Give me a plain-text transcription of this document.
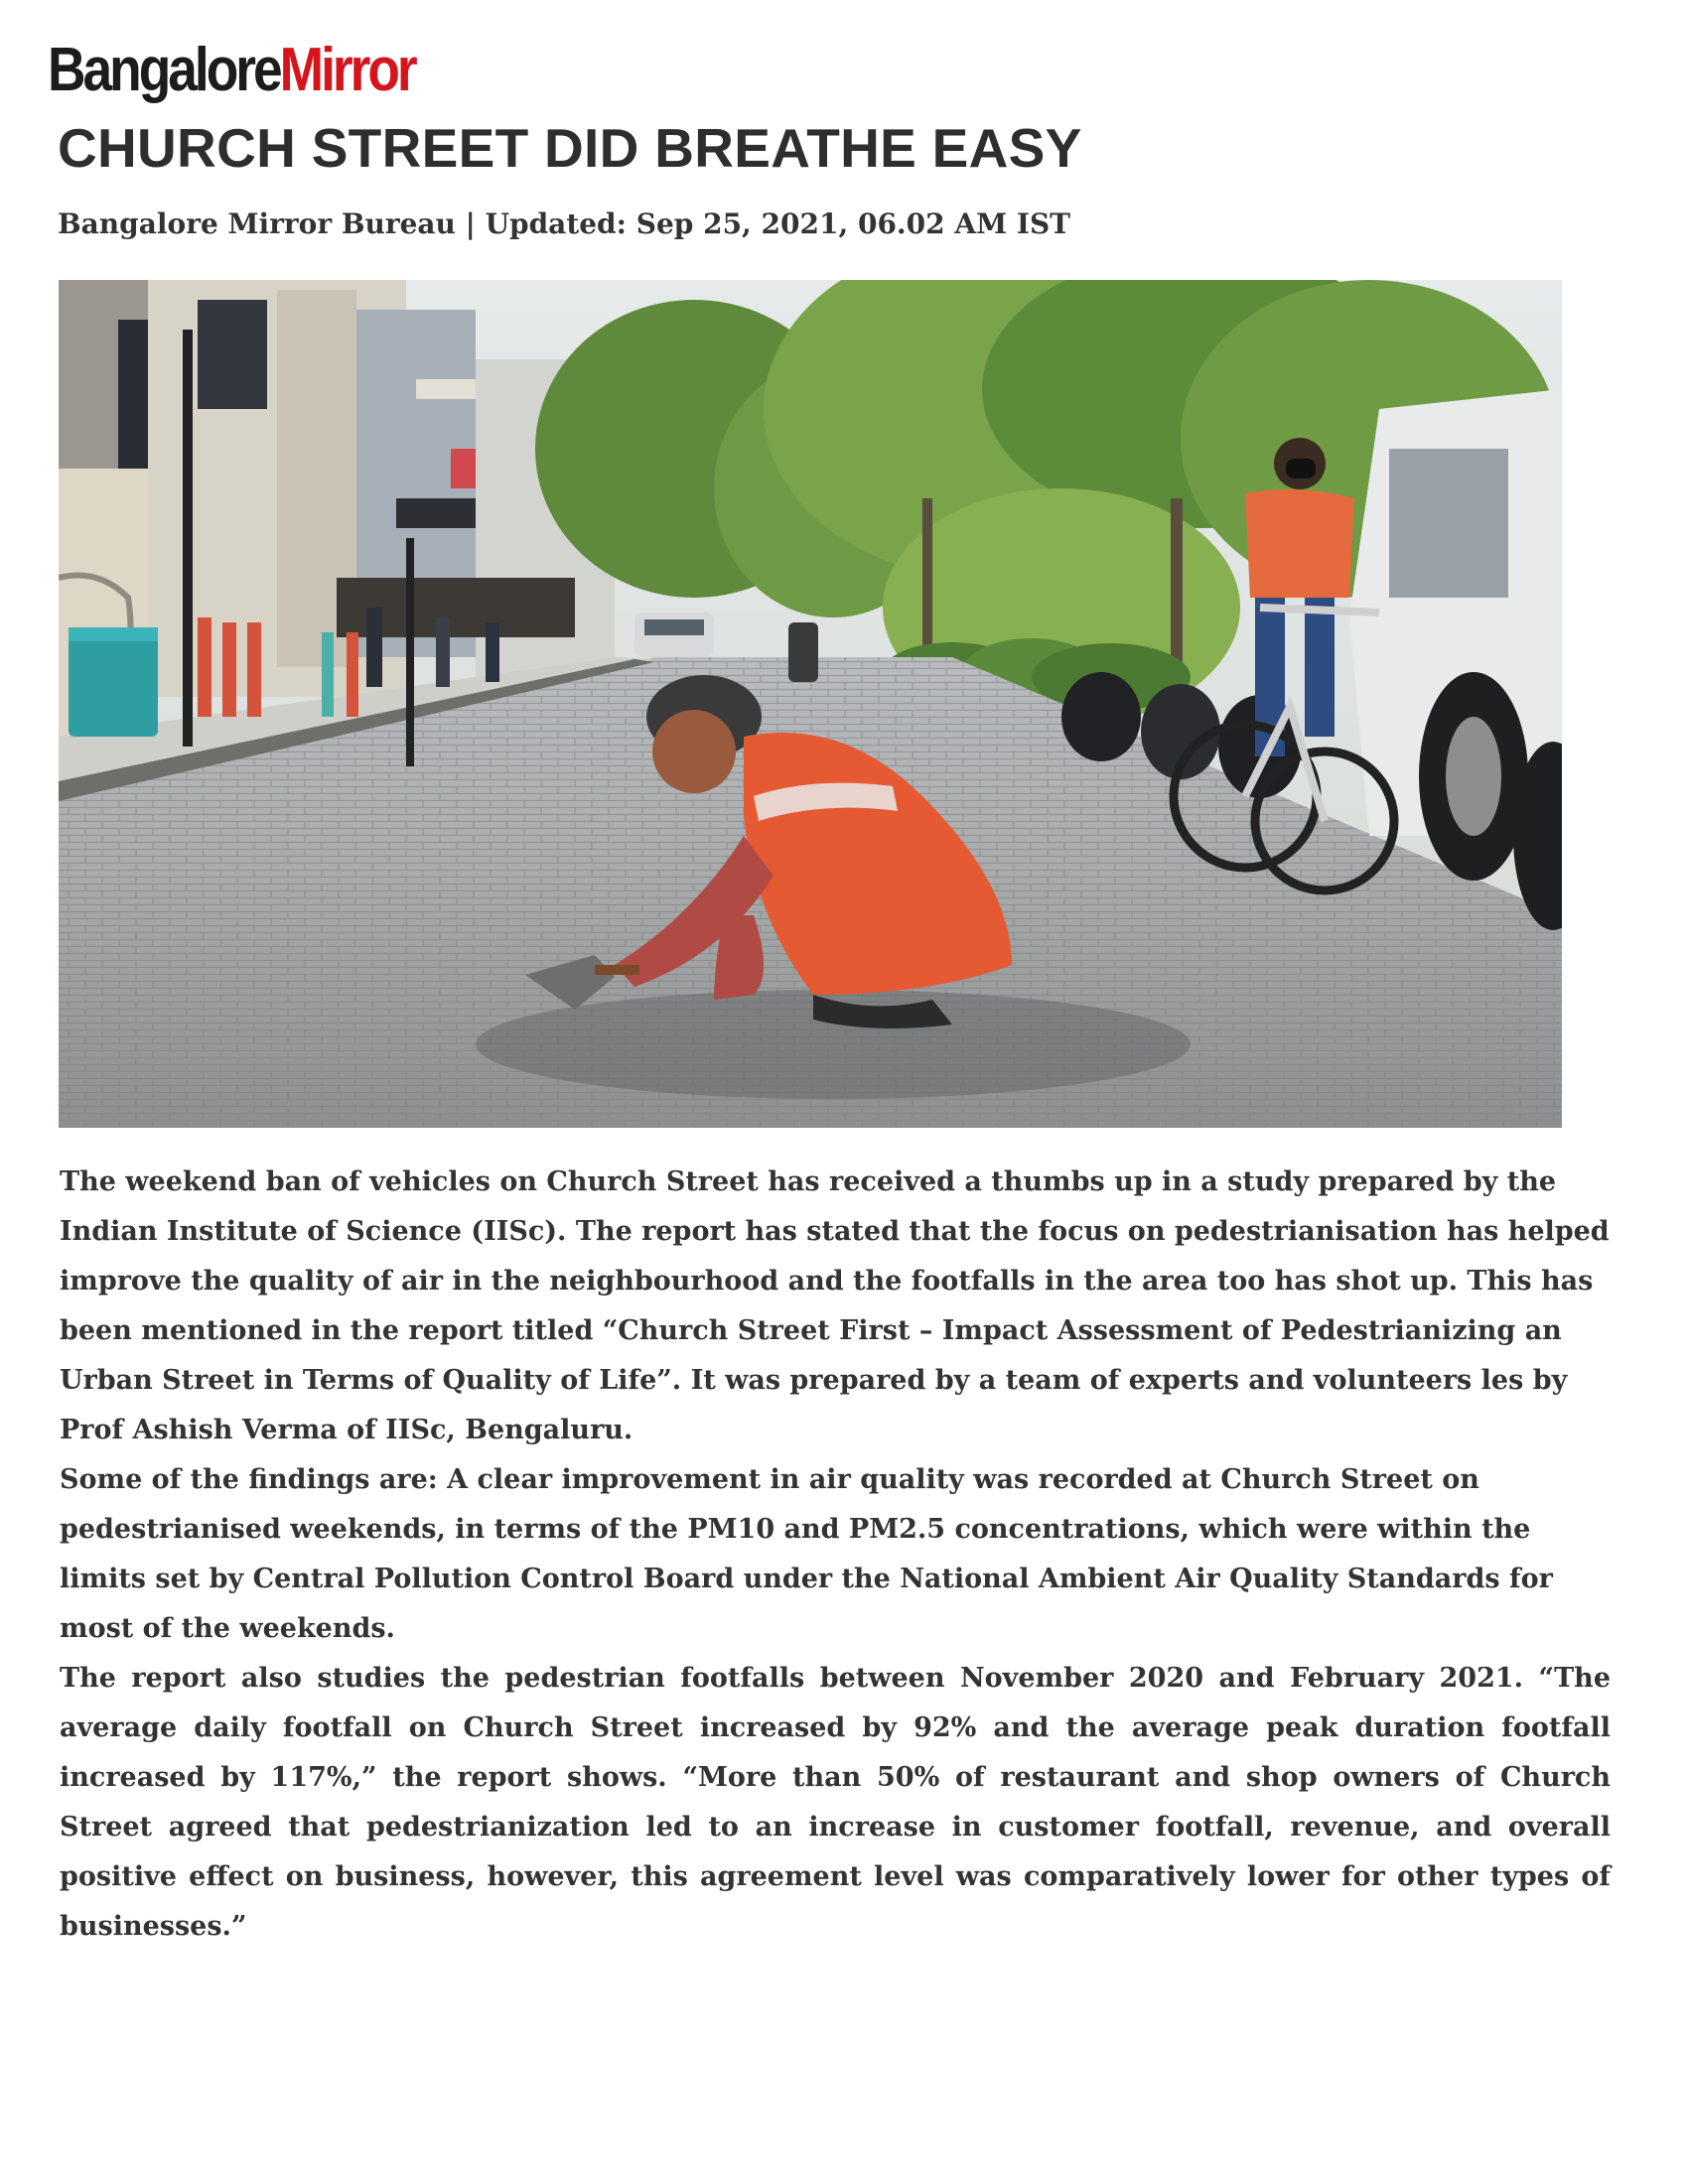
Bangalore Mirror
CHURCH STREET DID BREATHE EASY

Bangalore Mirror Bureau | Updated: Sep 25, 2021, 06.02 AM IST

The weekend ban of vehicles on Church Street has received a thumbs up in a study prepared by the Indian Institute of Science (IISc). The report has stated that the focus on pedestrianisation has helped improve the quality of air in the neighbourhood and the footfalls in the area too has shot up. This has been mentioned in the report titled “Church Street First – Impact Assessment of Pedestrianizing an Urban Street in Terms of Quality of Life”. It was prepared by a team of experts and volunteers les by Prof Ashish Verma of IISc, Bengaluru.

Some of the findings are: A clear improvement in air quality was recorded at Church Street on pedestrianised weekends, in terms of the PM10 and PM2.5 concentrations, which were within the limits set by Central Pollution Control Board under the National Ambient Air Quality Standards for most of the weekends.

The report also studies the pedestrian footfalls between November 2020 and February 2021. “The average daily footfall on Church Street increased by 92% and the average peak duration footfall increased by 117%,” the report shows. “More than 50% of restaurant and shop owners of Church Street agreed that pedestrianization led to an increase in customer footfall, revenue, and overall positive effect on business, however, this agreement level was comparatively lower for other types of businesses.”
